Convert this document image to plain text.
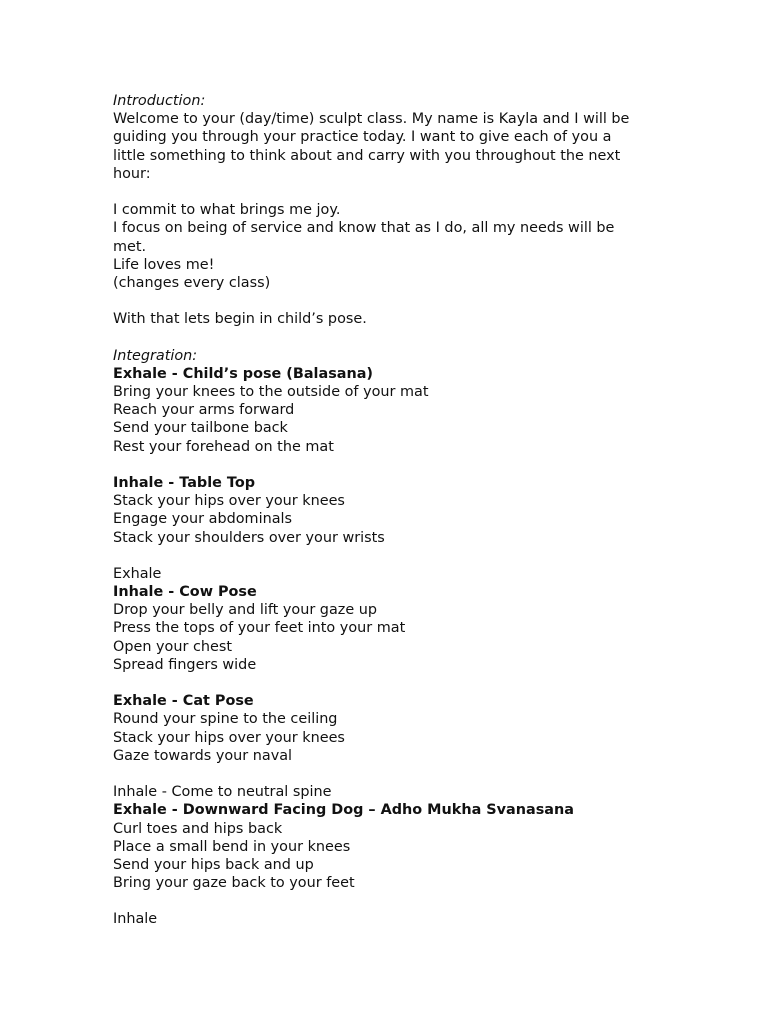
Introduction:
Welcome to your (day/time) sculpt class. My name is Kayla and I will be
guiding you through your practice today. I want to give each of you a
little something to think about and carry with you throughout the next
hour:
I commit to what brings me joy.
I focus on being of service and know that as I do, all my needs will be
met.
Life loves me!
(changes every class)
With that lets begin in child’s pose.
Integration:
Exhale - Child’s pose (Balasana)
Bring your knees to the outside of your mat
Reach your arms forward
Send your tailbone back
Rest your forehead on the mat
Inhale - Table Top
Stack your hips over your knees
Engage your abdominals
Stack your shoulders over your wrists
Exhale
Inhale - Cow Pose
Drop your belly and lift your gaze up
Press the tops of your feet into your mat
Open your chest
Spread fingers wide
Exhale - Cat Pose
Round your spine to the ceiling
Stack your hips over your knees
Gaze towards your naval
Inhale - Come to neutral spine
Exhale - Downward Facing Dog – Adho Mukha Svanasana
Curl toes and hips back
Place a small bend in your knees
Send your hips back and up
Bring your gaze back to your feet
Inhale
